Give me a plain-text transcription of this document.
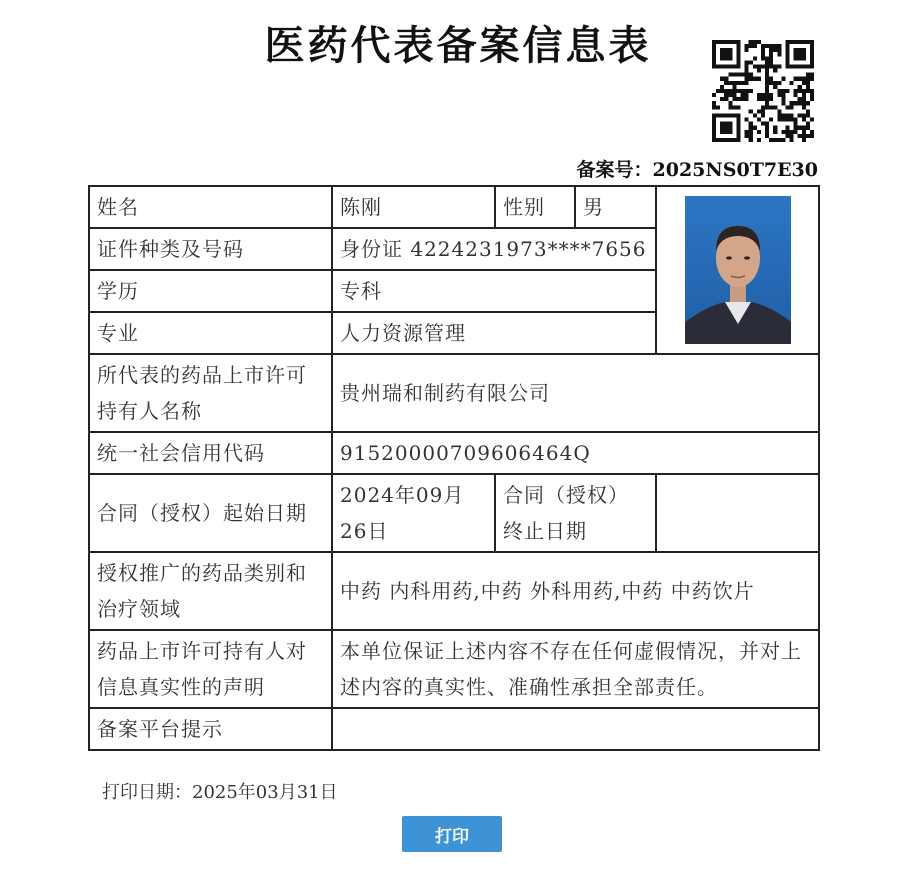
医药代表备案信息表
备案号：2025NS0T7E30
姓名	陈刚	性别	男	

证件种类及号码	身份证 4224231973****7656			
学历	专科			
专业	人力资源管理			
所代表的药品上市许可持有人名称	贵州瑞和制药有限公司			
统一社会信用代码	91520000709606464Q			
合同（授权）起始日期	2024年09月26日	合同（授权）终止日期		
授权推广的药品类别和治疗领域	中药 内科用药,中药 外科用药,中药 中药饮片			
药品上市许可持有人对信息真实性的声明	本单位保证上述内容不存在任何虚假情况，并对上述内容的真实性、准确性承担全部责任。			
备案平台提示				
打印日期：2025年03月31日
打印
